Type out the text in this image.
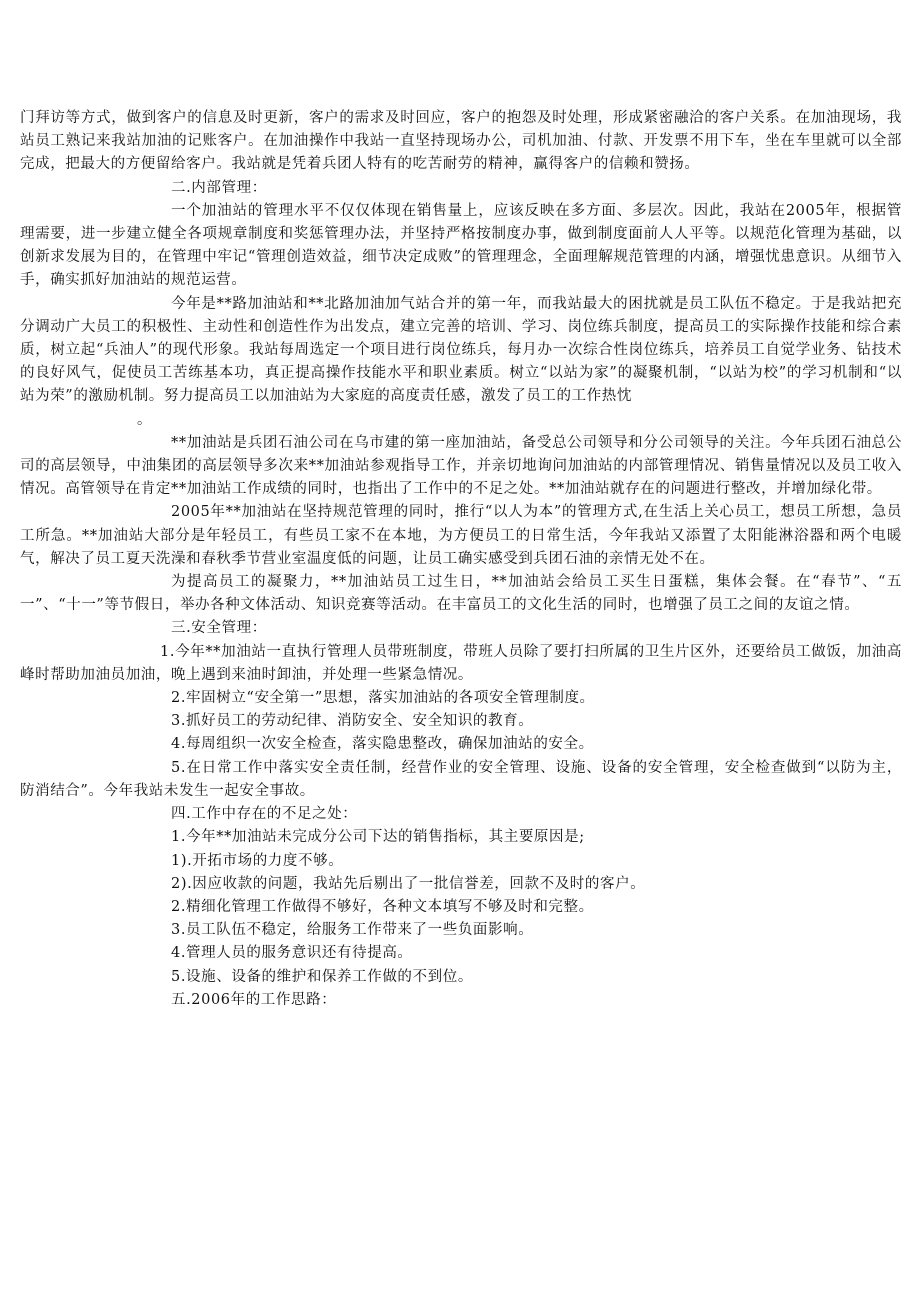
门拜访等方式，做到客户的信息及时更新，客户的需求及时回应，客户的抱怨及时处理，形成紧密融洽的客户关系。在加油现场，我站员工熟记来我站加油的记账客户。在加油操作中我站一直坚持现场办公，司机加油、付款、开发票不用下车，坐在车里就可以全部完成，把最大的方便留给客户。我站就是凭着兵团人特有的吃苦耐劳的精神，赢得客户的信赖和赞扬。

二.内部管理：

一个加油站的管理水平不仅仅体现在销售量上，应该反映在多方面、多层次。因此，我站在2005年，根据管理需要，进一步建立健全各项规章制度和奖惩管理办法，并坚持严格按制度办事，做到制度面前人人平等。以规范化管理为基础，以创新求发展为目的，在管理中牢记“管理创造效益，细节决定成败”的管理理念，全面理解规范管理的内涵，增强忧患意识。从细节入手，确实抓好加油站的规范运营。

今年是**路加油站和**北路加油加气站合并的第一年，而我站最大的困扰就是员工队伍不稳定。于是我站把充分调动广大员工的积极性、主动性和创造性作为出发点，建立完善的培训、学习、岗位练兵制度，提高员工的实际操作技能和综合素质，树立起“兵油人”的现代形象。我站每周选定一个项目进行岗位练兵，每月办一次综合性岗位练兵，培养员工自觉学业务、钻技术的良好风气，促使员工苦练基本功，真正提高操作技能水平和职业素质。树立“以站为家”的凝聚机制，“以站为校”的学习机制和“以站为荣”的激励机制。努力提高员工以加油站为大家庭的高度责任感，激发了员工的工作热忱

。

**加油站是兵团石油公司在乌市建的第一座加油站，备受总公司领导和分公司领导的关注。今年兵团石油总公司的高层领导，中油集团的高层领导多次来**加油站参观指导工作，并亲切地询问加油站的内部管理情况、销售量情况以及员工收入情况。高管领导在肯定**加油站工作成绩的同时，也指出了工作中的不足之处。**加油站就存在的问题进行整改，并增加绿化带。

2005年**加油站在坚持规范管理的同时，推行“以人为本”的管理方式,在生活上关心员工，想员工所想，急员工所急。**加油站大部分是年轻员工，有些员工家不在本地，为方便员工的日常生活，今年我站又添置了太阳能淋浴器和两个电暖气，解决了员工夏天洗澡和春秋季节营业室温度低的问题，让员工确实感受到兵团石油的亲情无处不在。

为提高员工的凝聚力，**加油站员工过生日，**加油站会给员工买生日蛋糕，集体会餐。在“春节”、“五一”、“十一”等节假日，举办各种文体活动、知识竞赛等活动。在丰富员工的文化生活的同时，也增强了员工之间的友谊之情。

三.安全管理：

1.今年**加油站一直执行管理人员带班制度，带班人员除了要打扫所属的卫生片区外，还要给员工做饭，加油高峰时帮助加油员加油，晚上遇到来油时卸油，并处理一些紧急情况。

2.牢固树立“安全第一”思想，落实加油站的各项安全管理制度。

3.抓好员工的劳动纪律、消防安全、安全知识的教育。

4.每周组织一次安全检查，落实隐患整改，确保加油站的安全。

5.在日常工作中落实安全责任制，经营作业的安全管理、设施、设备的安全管理，安全检查做到“以防为主，防消结合”。今年我站未发生一起安全事故。

四.工作中存在的不足之处：

1.今年**加油站未完成分公司下达的销售指标，其主要原因是;

1).开拓市场的力度不够。

2).因应收款的问题，我站先后剔出了一批信誉差，回款不及时的客户。

2.精细化管理工作做得不够好，各种文本填写不够及时和完整。

3.员工队伍不稳定，给服务工作带来了一些负面影响。

4.管理人员的服务意识还有待提高。

5.设施、设备的维护和保养工作做的不到位。

五.2006年的工作思路：
